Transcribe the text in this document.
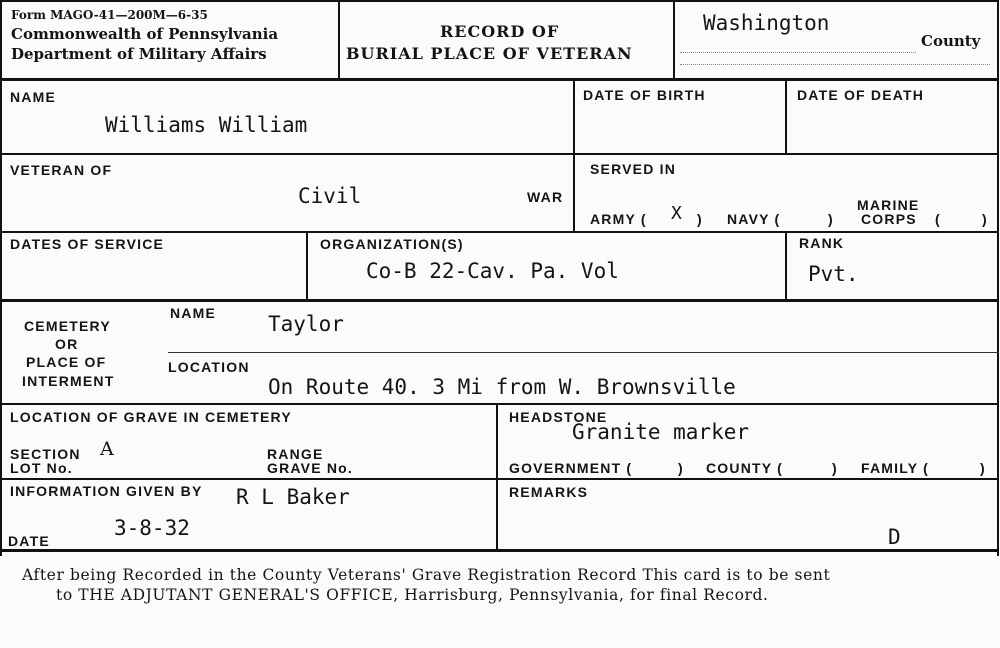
Form MAGO-41—200M—6-35
Commonwealth of Pennsylvania
Department of Military Affairs
RECORD OF
BURIAL PLACE OF VETERAN
Washington
County
NAME
Williams William
DATE OF BIRTH	DATE OF DEATH
VETERAN OF
Civil	WAR
SERVED IN
ARMY ( X ) NAVY (	)
MARINE
CORPS (	)
DATES OF SERVICE	ORGANIZATION(S)
Co-B 22-Cav. Pa. Vol
RANK
Pvt.
CEMETERY
OR
PLACE OF
INTERMENT
NAME Taylor
LOCATION
On Route 40. 3 Mi from W. Brownsville
LOCATION OF GRAVE IN CEMETERY
SECTION A
LOT No.
RANGE
GRAVE No.
HEADSTONE
Granite marker
GOVERNMENT (	) COUNTY (	) FAMILY (	)
INFORMATION GIVEN BY R L Baker
3-8-32
DATE
REMARKS
D
After being Recorded in the County Veterans' Grave Registration Record This card is to be sent
to THE ADJUTANT GENERAL'S OFFICE, Harrisburg, Pennsylvania, for final Record.
